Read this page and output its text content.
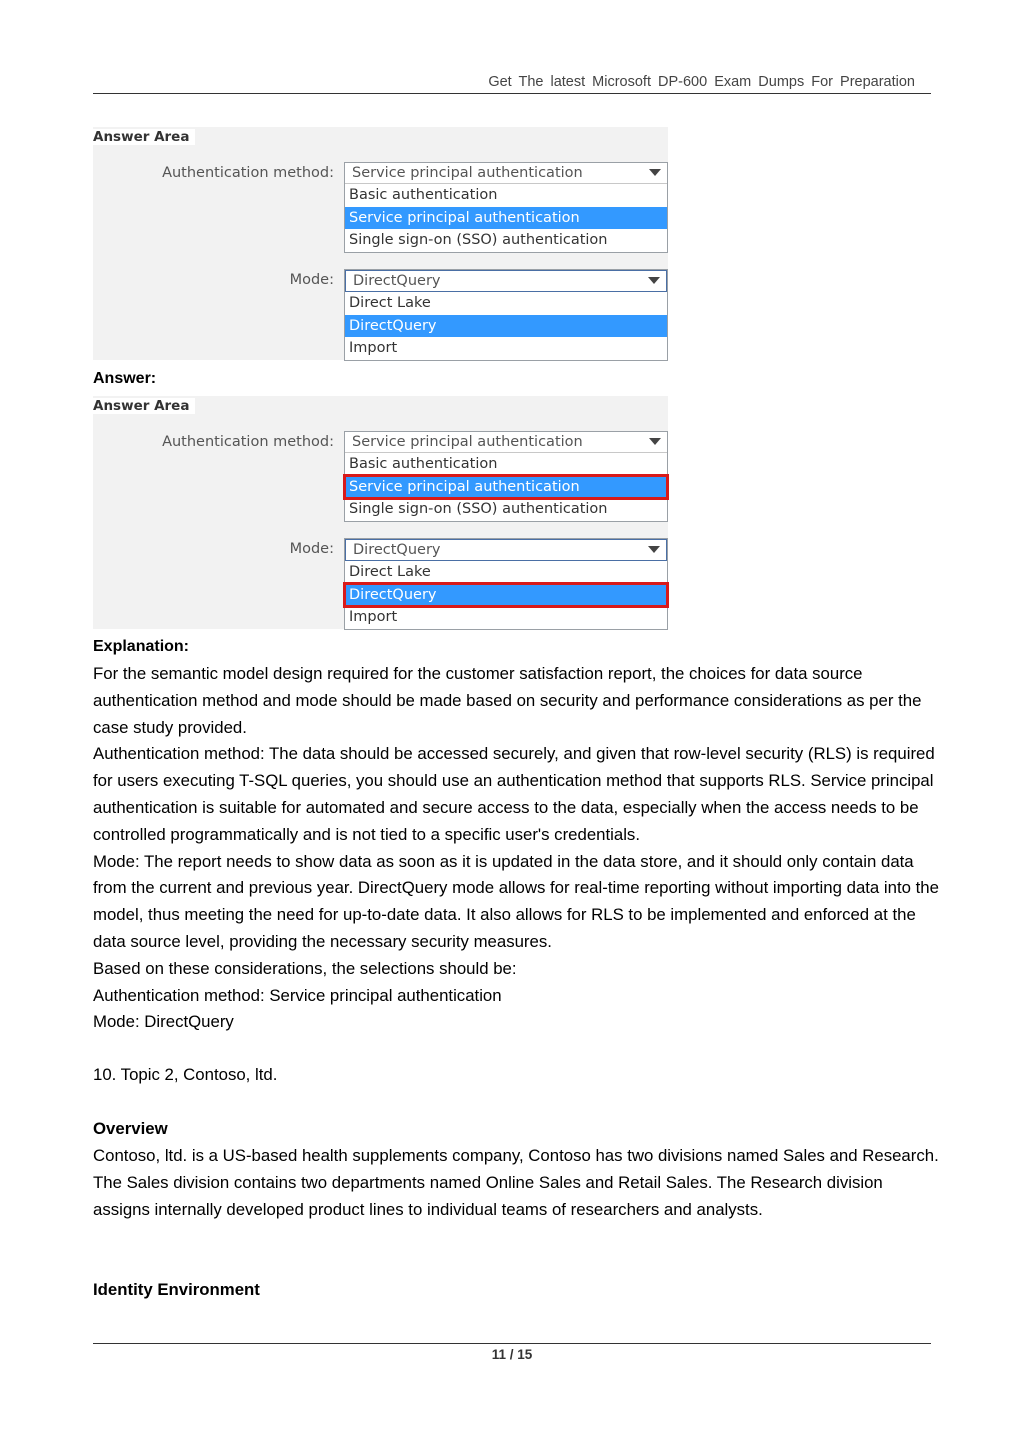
Get The latest Microsoft DP-600 Exam Dumps For Preparation
Answer Area
Authentication method:	Service principal authentication
Basic authentication
Service principal authentication
Single sign-on (SSO) authentication
Mode:	DirectQuery
Direct Lake
DirectQuery
Import
Answer:
Answer Area
Authentication method:	Service principal authentication
Basic authentication
Service principal authentication
Single sign-on (SSO) authentication
Mode:	DirectQuery
Direct Lake
DirectQuery
Import
Explanation:

For the semantic model design required for the customer satisfaction report, the choices for data source authentication method and mode should be made based on security and performance considerations as per the case study provided.

Authentication method: The data should be accessed securely, and given that row-level security (RLS) is required for users executing T-SQL queries, you should use an authentication method that supports RLS. Service principal authentication is suitable for automated and secure access to the data, especially when the access needs to be controlled programmatically and is not tied to a specific user's credentials.

Mode: The report needs to show data as soon as it is updated in the data store, and it should only contain data from the current and previous year. DirectQuery mode allows for real-time reporting without importing data into the model, thus meeting the need for up-to-date data. It also allows for RLS to be implemented and enforced at the data source level, providing the necessary security measures.

Based on these considerations, the selections should be:

Authentication method: Service principal authentication

Mode: DirectQuery

10. Topic 2, Contoso, ltd.
Overview

Contoso, ltd. is a US-based health supplements company, Contoso has two divisions named Sales and Research. The Sales division contains two departments named Online Sales and Retail Sales. The Research division assigns internally developed product lines to individual teams of researchers and analysts.

Identity Environment
11 / 15
